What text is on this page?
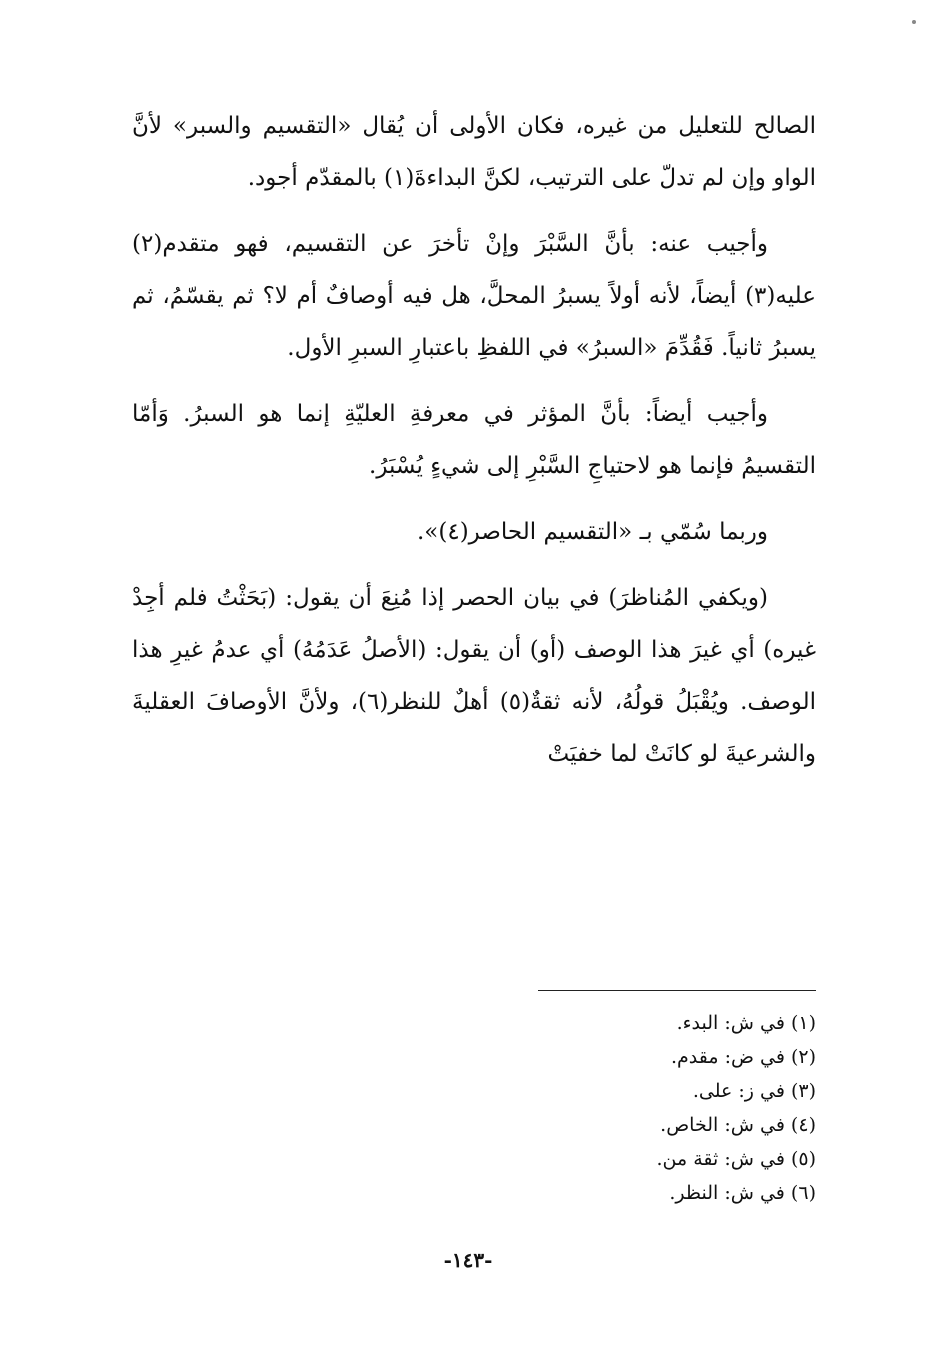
الصالح للتعليل من غيره، فكان الأولى أن يُقال «التقسيم والسبر» لأنَّ الواو وإن لم تدلّ على الترتيب، لكنَّ البداءةَ(١) بالمقدّم أجود.

وأجيب عنه: بأنَّ السَّبْرَ وإنْ تأخرَ عن التقسيم، فهو متقدم(٢) عليه(٣) أيضاً، لأنه أولاً يسبرُ المحلَّ، هل فيه أوصافٌ أم لا؟ ثم يقسّمُ، ثم يسبرُ ثانياً. فَقُدِّمَ «السبرُ» في اللفظِ باعتبارِ السبرِ الأول.

وأجيب أيضاً: بأنَّ المؤثر في معرفةِ العليّةِ إنما هو السبرُ. وَأمّا التقسيمُ فإنما هو لاحتياجِ السَّبْرِ إلى شيءٍ يُسْبَرُ.

وربما سُمّي بـ «التقسيم الحاصر(٤)».

(ويكفي المُناظرَ) في بيان الحصر إذا مُنِعَ أن يقول: (بَحَثْتُ فلم أجِدْ غيره) أي غيرَ هذا الوصف (أو) أن يقول: (الأصلُ عَدَمُهُ) أي عدمُ غيرِ هذا الوصف. ويُقْبَلُ قولُهُ، لأنه ثقةٌ(٥) أهلٌ للنظر(٦)، ولأنَّ الأوصافَ العقليةَ والشرعيةَ لو كانَتْ لما خفيَتْ

(١) في ش: البدء.
(٢) في ض: مقدم.
(٣) في ز: على.
(٤) في ش: الخاص.
(٥) في ش: ثقة من.
(٦) في ش: النظر.
-١٤٣-
